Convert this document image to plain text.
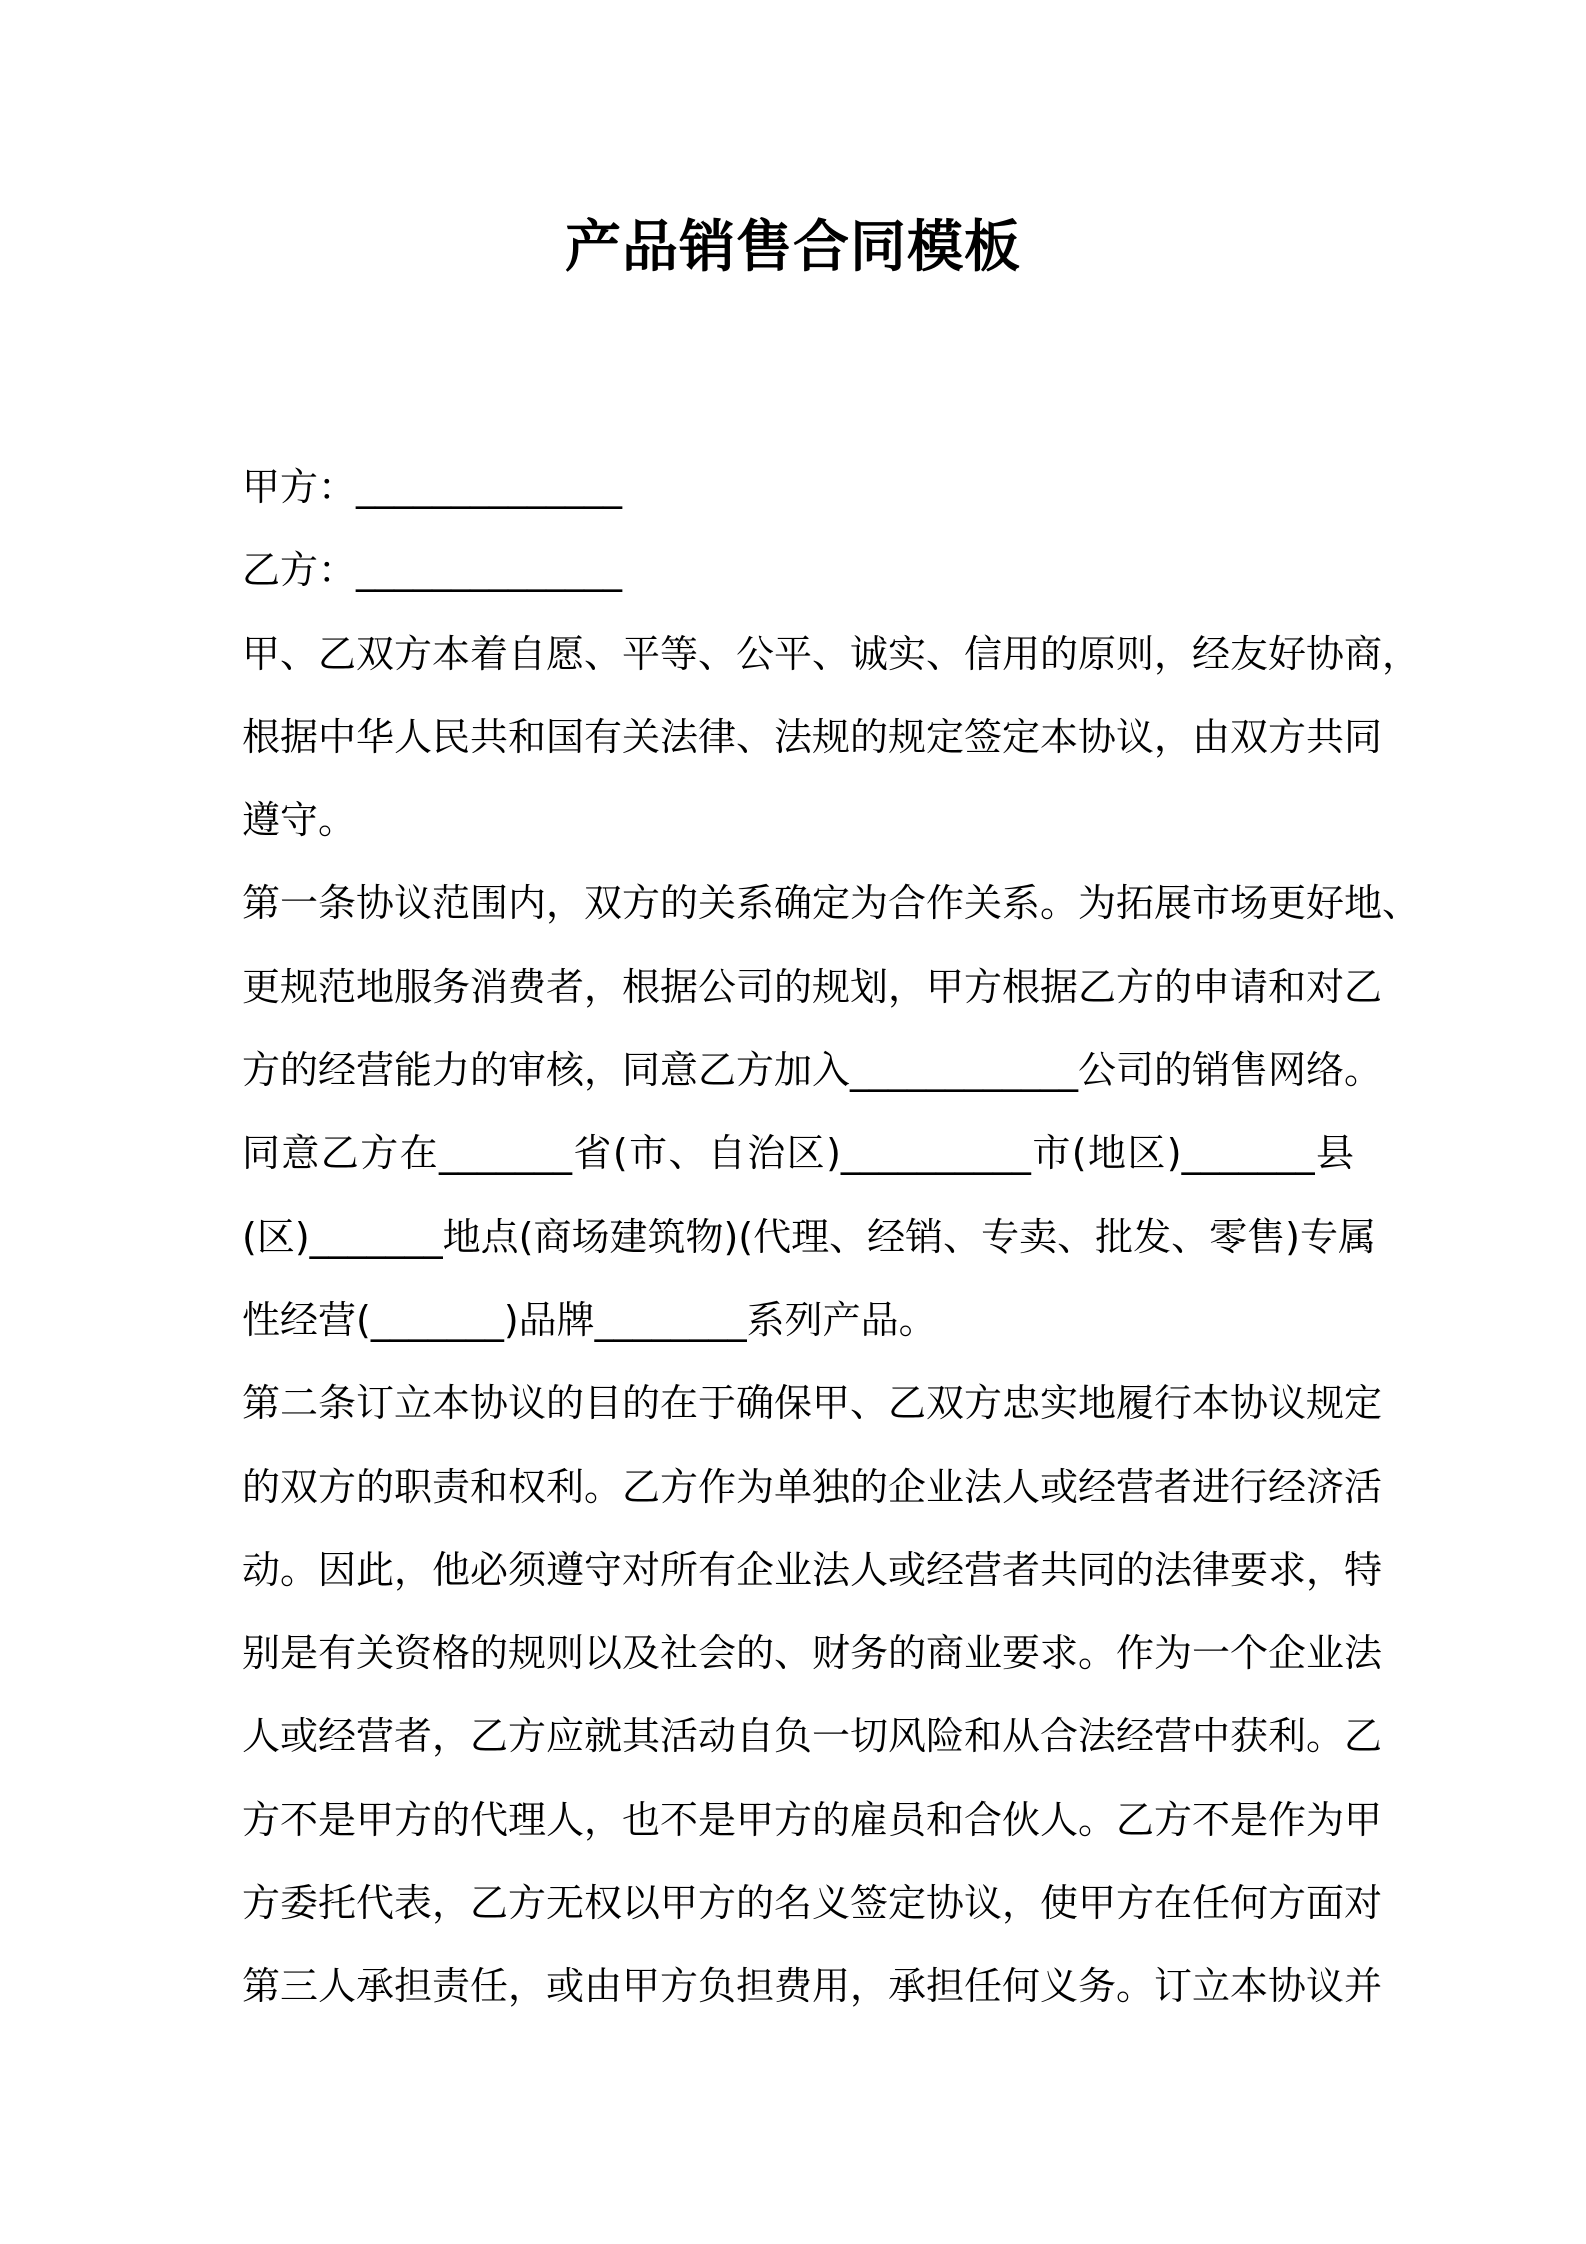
产品销售合同模板

甲方：______________

乙方：______________

甲、乙双方本着自愿、平等、公平、诚实、信用的原则，经友好协商，

根据中华人民共和国有关法律、法规的规定签定本协议，由双方共同

遵守。

第一条协议范围内，双方的关系确定为合作关系。为拓展市场更好地、

更规范地服务消费者，根据公司的规划，甲方根据乙方的申请和对乙

方的经营能力的审核，同意乙方加入____________公司的销售网络。

同意乙方在_______省(市、自治区)__________市(地区)_______县

(区)_______地点(商场建筑物)(代理、经销、专卖、批发、零售)专属

性经营(_______)品牌________系列产品。

第二条订立本协议的目的在于确保甲、乙双方忠实地履行本协议规定

的双方的职责和权利。乙方作为单独的企业法人或经营者进行经济活

动。因此，他必须遵守对所有企业法人或经营者共同的法律要求，特

别是有关资格的规则以及社会的、财务的商业要求。作为一个企业法

人或经营者，乙方应就其活动自负一切风险和从合法经营中获利。乙

方不是甲方的代理人，也不是甲方的雇员和合伙人。乙方不是作为甲

方委托代表，乙方无权以甲方的名义签定协议，使甲方在任何方面对

第三人承担责任，或由甲方负担费用，承担任何义务。订立本协议并
